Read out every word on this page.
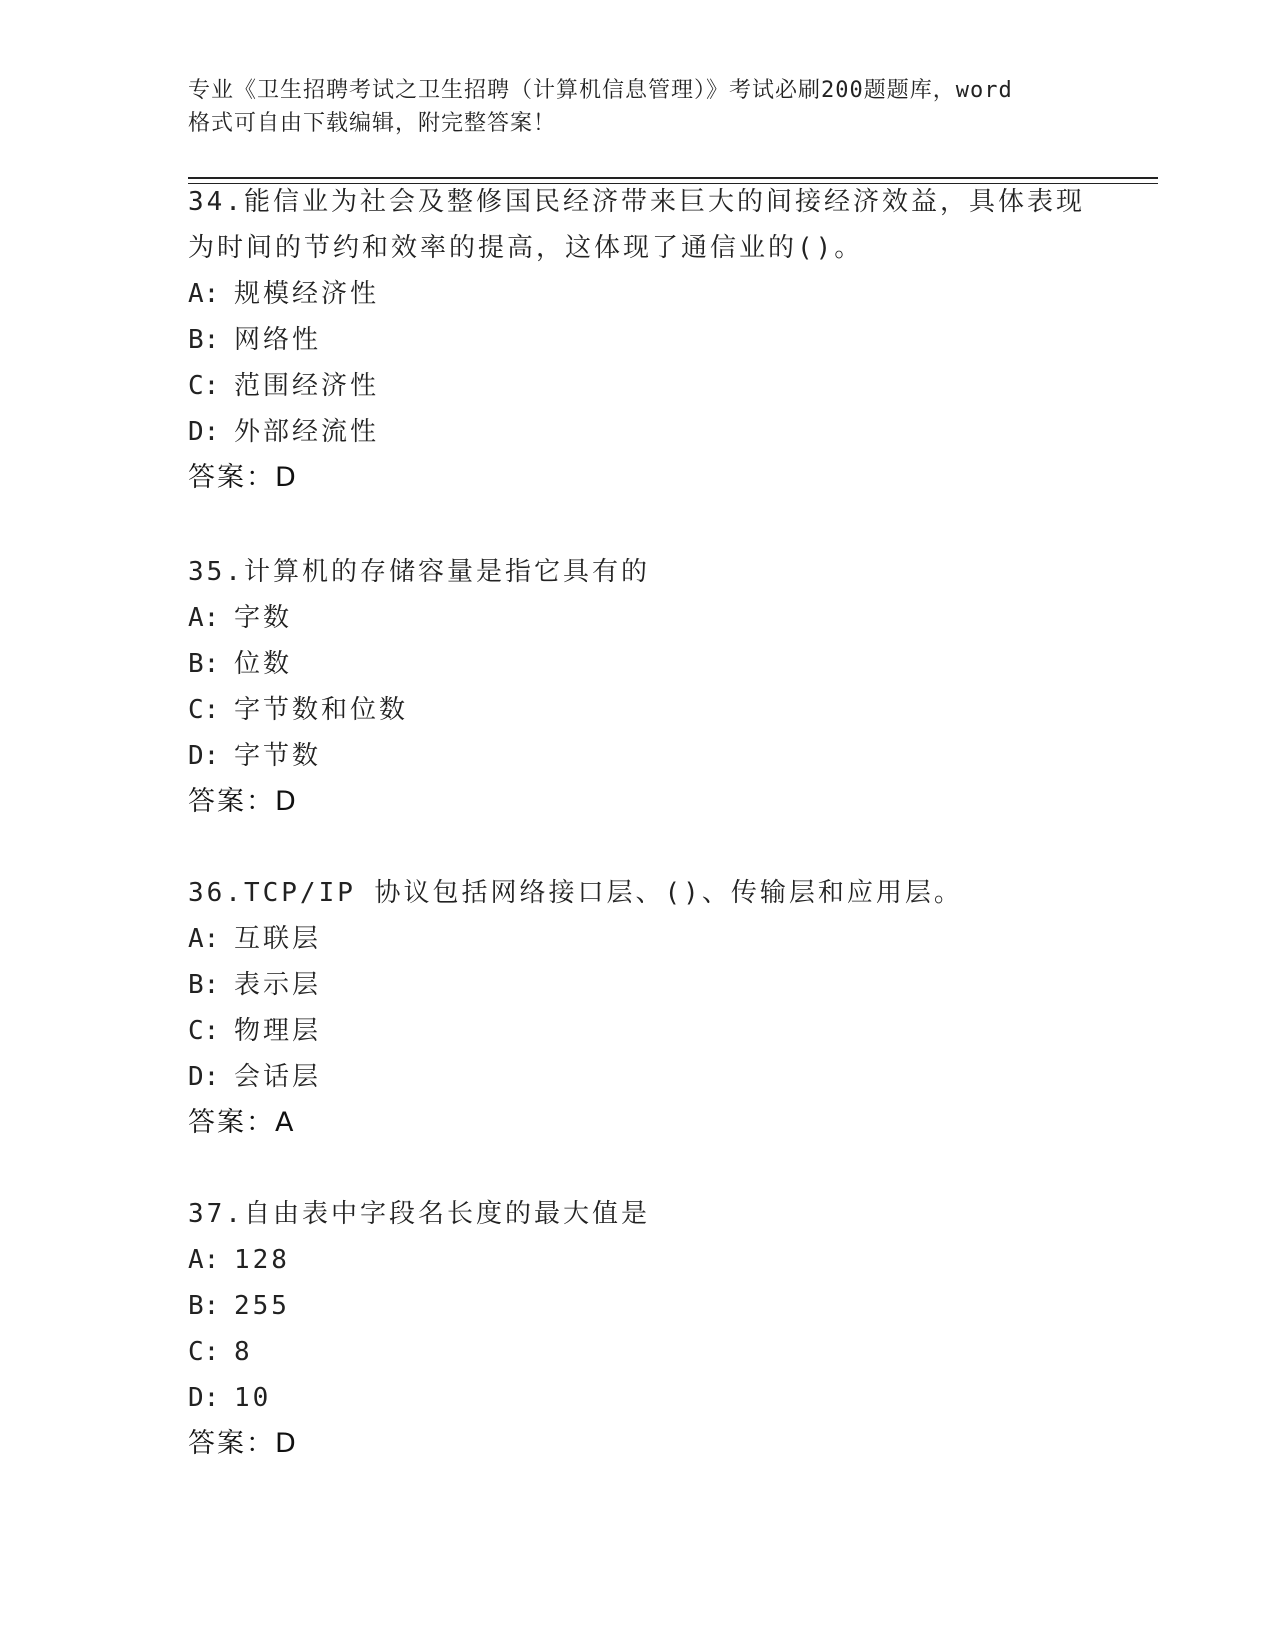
专业《卫生招聘考试之卫生招聘（计算机信息管理）》考试必刷200题题库，word
格式可自由下载编辑，附完整答案！
34.能信业为社会及整修国民经济带来巨大的间接经济效益，具体表现
为时间的节约和效率的提高，这体现了通信业的()。
A: 规模经济性
B: 网络性
C: 范围经济性
D: 外部经流性
答案：D
35.计算机的存储容量是指它具有的
A: 字数
B: 位数
C: 字节数和位数
D: 字节数
答案：D
36.TCP/IP 协议包括网络接口层、()、传输层和应用层。
A: 互联层
B: 表示层
C: 物理层
D: 会话层
答案：A
37.自由表中字段名长度的最大值是
A: 128
B: 255
C: 8
D: 10
答案：D
